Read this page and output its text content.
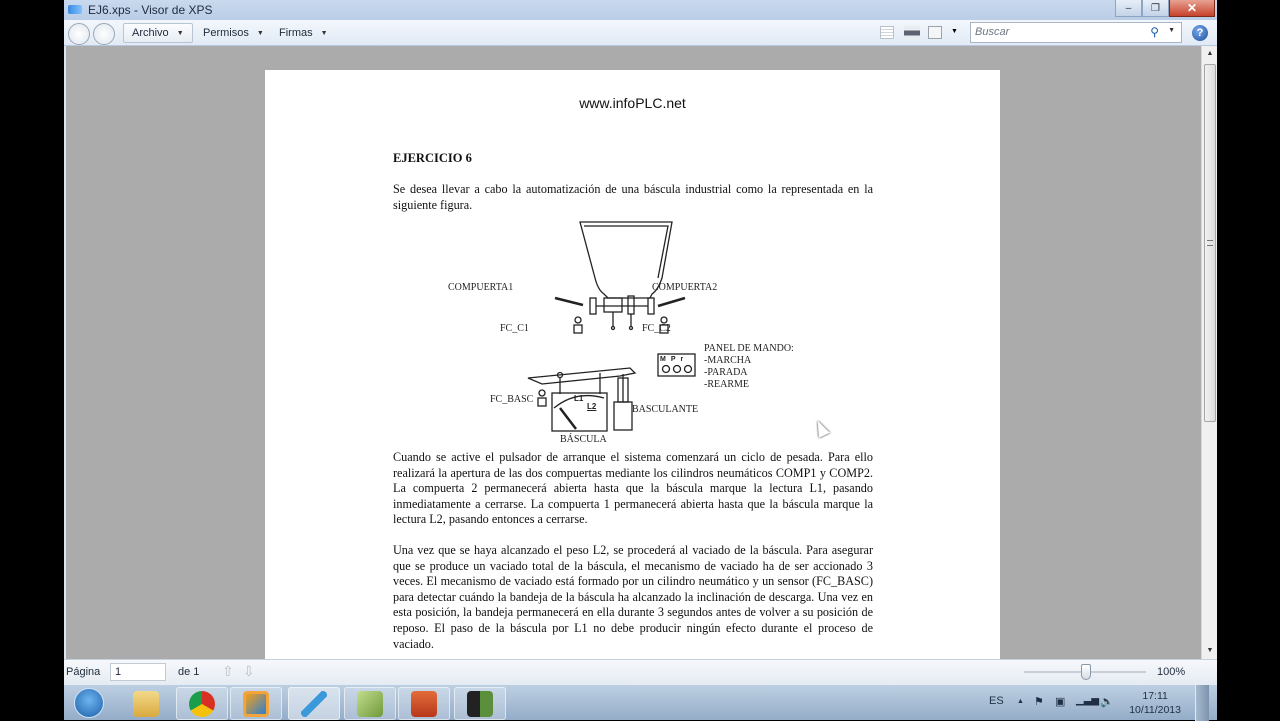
EJ6.xps - Visor de XPS	–	❐	✕
Archivo ▼ Permisos ▼ Firmas ▼	▼	Buscar	⚲ ▼	?
www.infoPLC.net
EJERCICIO 6
Se desea llevar a cabo la automatización de una báscula industrial como la representada en la siguiente figura.
COMPUERTA1	COMPUERTA2
FC_C1	FC_C2
PANEL DE MANDO:
-MARCHA
-PARADA
-REARME
MPr
FC_BASC
BASCULANTE
BÁSCULA
L1
L2
Cuando se active el pulsador de arranque el sistema comenzará un ciclo de pesada. Para ello realizará la apertura de las dos compuertas mediante los cilindros neumáticos COMP1 y COMP2. La compuerta 2 permanecerá abierta hasta que la báscula marque la lectura L1, pasando inmediatamente a cerrarse. La compuerta 1 permanecerá abierta hasta que la báscula marque la lectura L2, pasando entonces a cerrarse.
Una vez que se haya alcanzado el peso L2, se procederá al vaciado de la báscula. Para asegurar que se produce un vaciado total de la báscula, el mecanismo de vaciado ha de ser accionado 3 veces. El mecanismo de vaciado está formado por un cilindro neumático y un sensor (FC_BASC) para detectar cuándo la bandeja de la báscula ha alcanzado la inclinación de descarga. Una vez en esta posición, la bandeja permanecerá en ella durante 3 segundos antes de volver a su posición de reposo. El paso de la báscula por L1 no debe producir ningún efecto durante el proceso de vaciado.
▲
▼
Página	1	de 1 ⇧ ⇩	100%
ES ▲ ⚑ ▣ ▁▃▅ 🔈	17:11
10/11/2013
